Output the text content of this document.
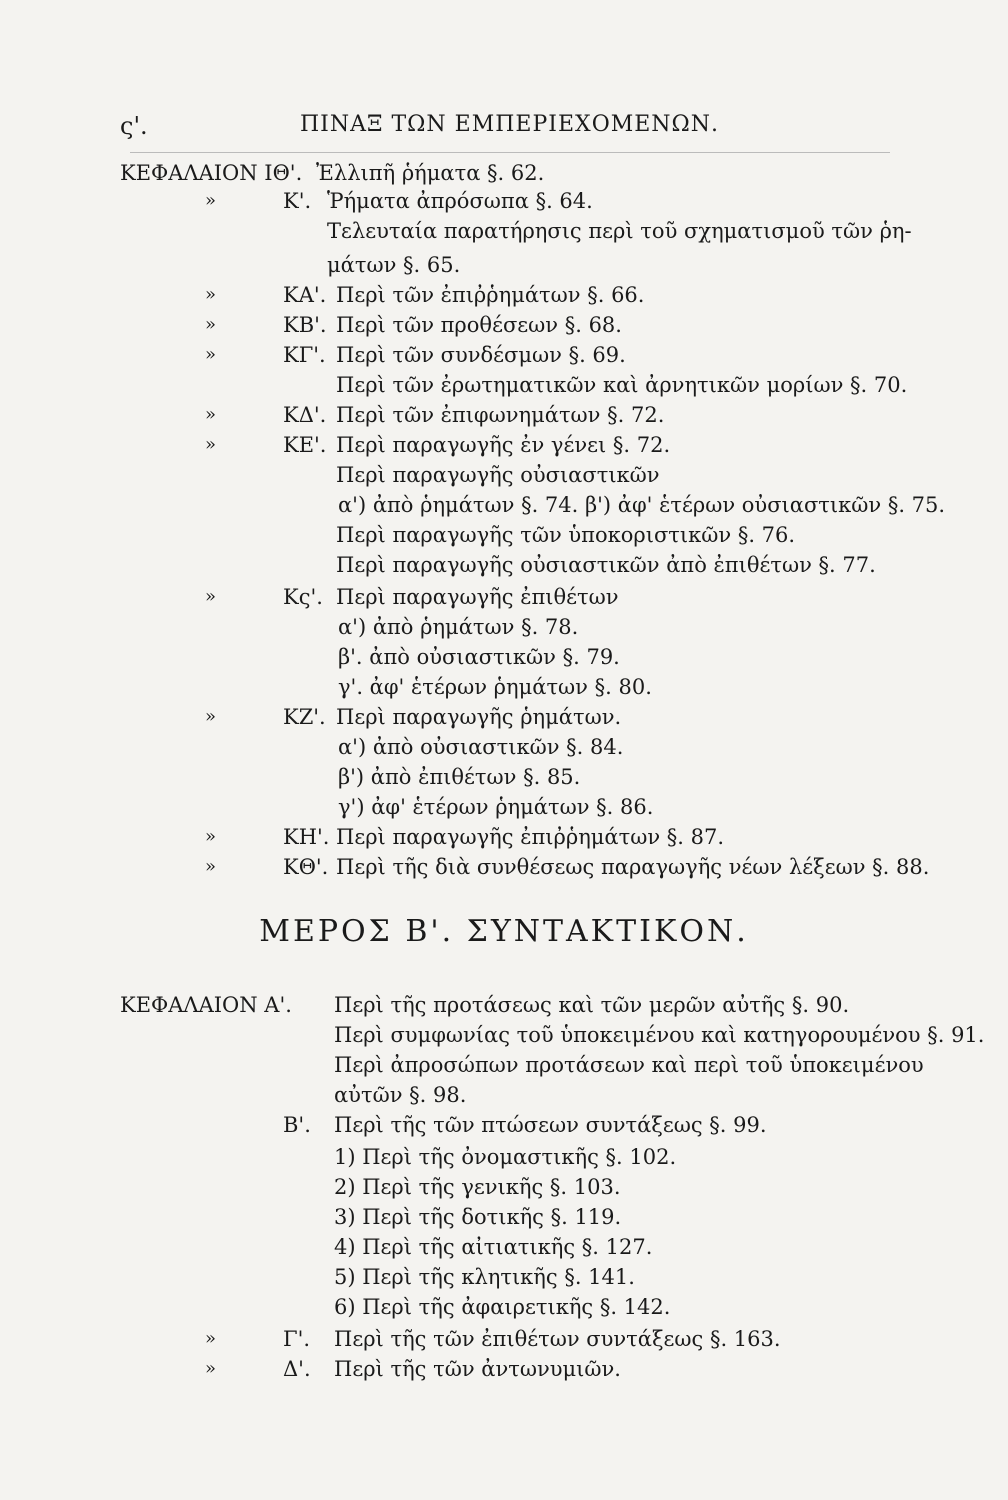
ς'.	ΠΙΝΑΞ ΤΩΝ ΕΜΠΕΡΙΕΧΟΜΕΝΩΝ.
ΚΕΦΑΛΑΙΟΝ ΙΘ'. Ἐλλιπῆ ῥήματα §. 62.
»	Κ'. Ῥήματα ἀπρόσωπα §. 64.
Τελευταία παρατήρησις περὶ τοῦ σχηματισμοῦ τῶν ῥη-
μάτων §. 65.
»	ΚΑ'. Περὶ τῶν ἐπιῤῥημάτων §. 66.
»	ΚΒ'. Περὶ τῶν προθέσεων §. 68.
»	ΚΓ'. Περὶ τῶν συνδέσμων §. 69.
Περὶ τῶν ἐρωτηματικῶν καὶ ἀρνητικῶν μορίων §. 70.
»	ΚΔ'. Περὶ τῶν ἐπιφωνημάτων §. 72.
»	ΚΕ'. Περὶ παραγωγῆς ἐν γένει §. 72.
Περὶ παραγωγῆς οὐσιαστικῶν
α') ἀπὸ ῥημάτων §. 74. β') ἀφ' ἑτέρων οὐσιαστικῶν §. 75.
Περὶ παραγωγῆς τῶν ὑποκοριστικῶν §. 76.
Περὶ παραγωγῆς οὐσιαστικῶν ἀπὸ ἐπιθέτων §. 77.
»	Κς'. Περὶ παραγωγῆς ἐπιθέτων
α') ἀπὸ ῥημάτων §. 78.
β'. ἀπὸ οὐσιαστικῶν §. 79.
γ'. ἀφ' ἑτέρων ῥημάτων §. 80.
»	ΚΖ'. Περὶ παραγωγῆς ῥημάτων.
α') ἀπὸ οὐσιαστικῶν §. 84.
β') ἀπὸ ἐπιθέτων §. 85.
γ') ἀφ' ἑτέρων ῥημάτων §. 86.
»	ΚΗ'. Περὶ παραγωγῆς ἐπιῤῥημάτων §. 87.
»	ΚΘ'. Περὶ τῆς διὰ συνθέσεως παραγωγῆς νέων λέξεων §. 88.
ΜΕΡΟΣ Β'. ΣΥΝΤΑΚΤΙΚΟΝ.
ΚΕΦΑΛΑΙΟΝ Α'. Περὶ τῆς προτάσεως καὶ τῶν μερῶν αὐτῆς §. 90.
Περὶ συμφωνίας τοῦ ὑποκειμένου καὶ κατηγορουμένου §. 91.
Περὶ ἀπροσώπων προτάσεων καὶ περὶ τοῦ ὑποκειμένου
αὐτῶν §. 98.
Β'. Περὶ τῆς τῶν πτώσεων συντάξεως §. 99.
1) Περὶ τῆς ὀνομαστικῆς §. 102.
2) Περὶ τῆς γενικῆς §. 103.
3) Περὶ τῆς δοτικῆς §. 119.
4) Περὶ τῆς αἰτιατικῆς §. 127.
5) Περὶ τῆς κλητικῆς §. 141.
6) Περὶ τῆς ἀφαιρετικῆς §. 142.
»	Γ'. Περὶ τῆς τῶν ἐπιθέτων συντάξεως §. 163.
»	Δ'. Περὶ τῆς τῶν ἀντωνυμιῶν.
